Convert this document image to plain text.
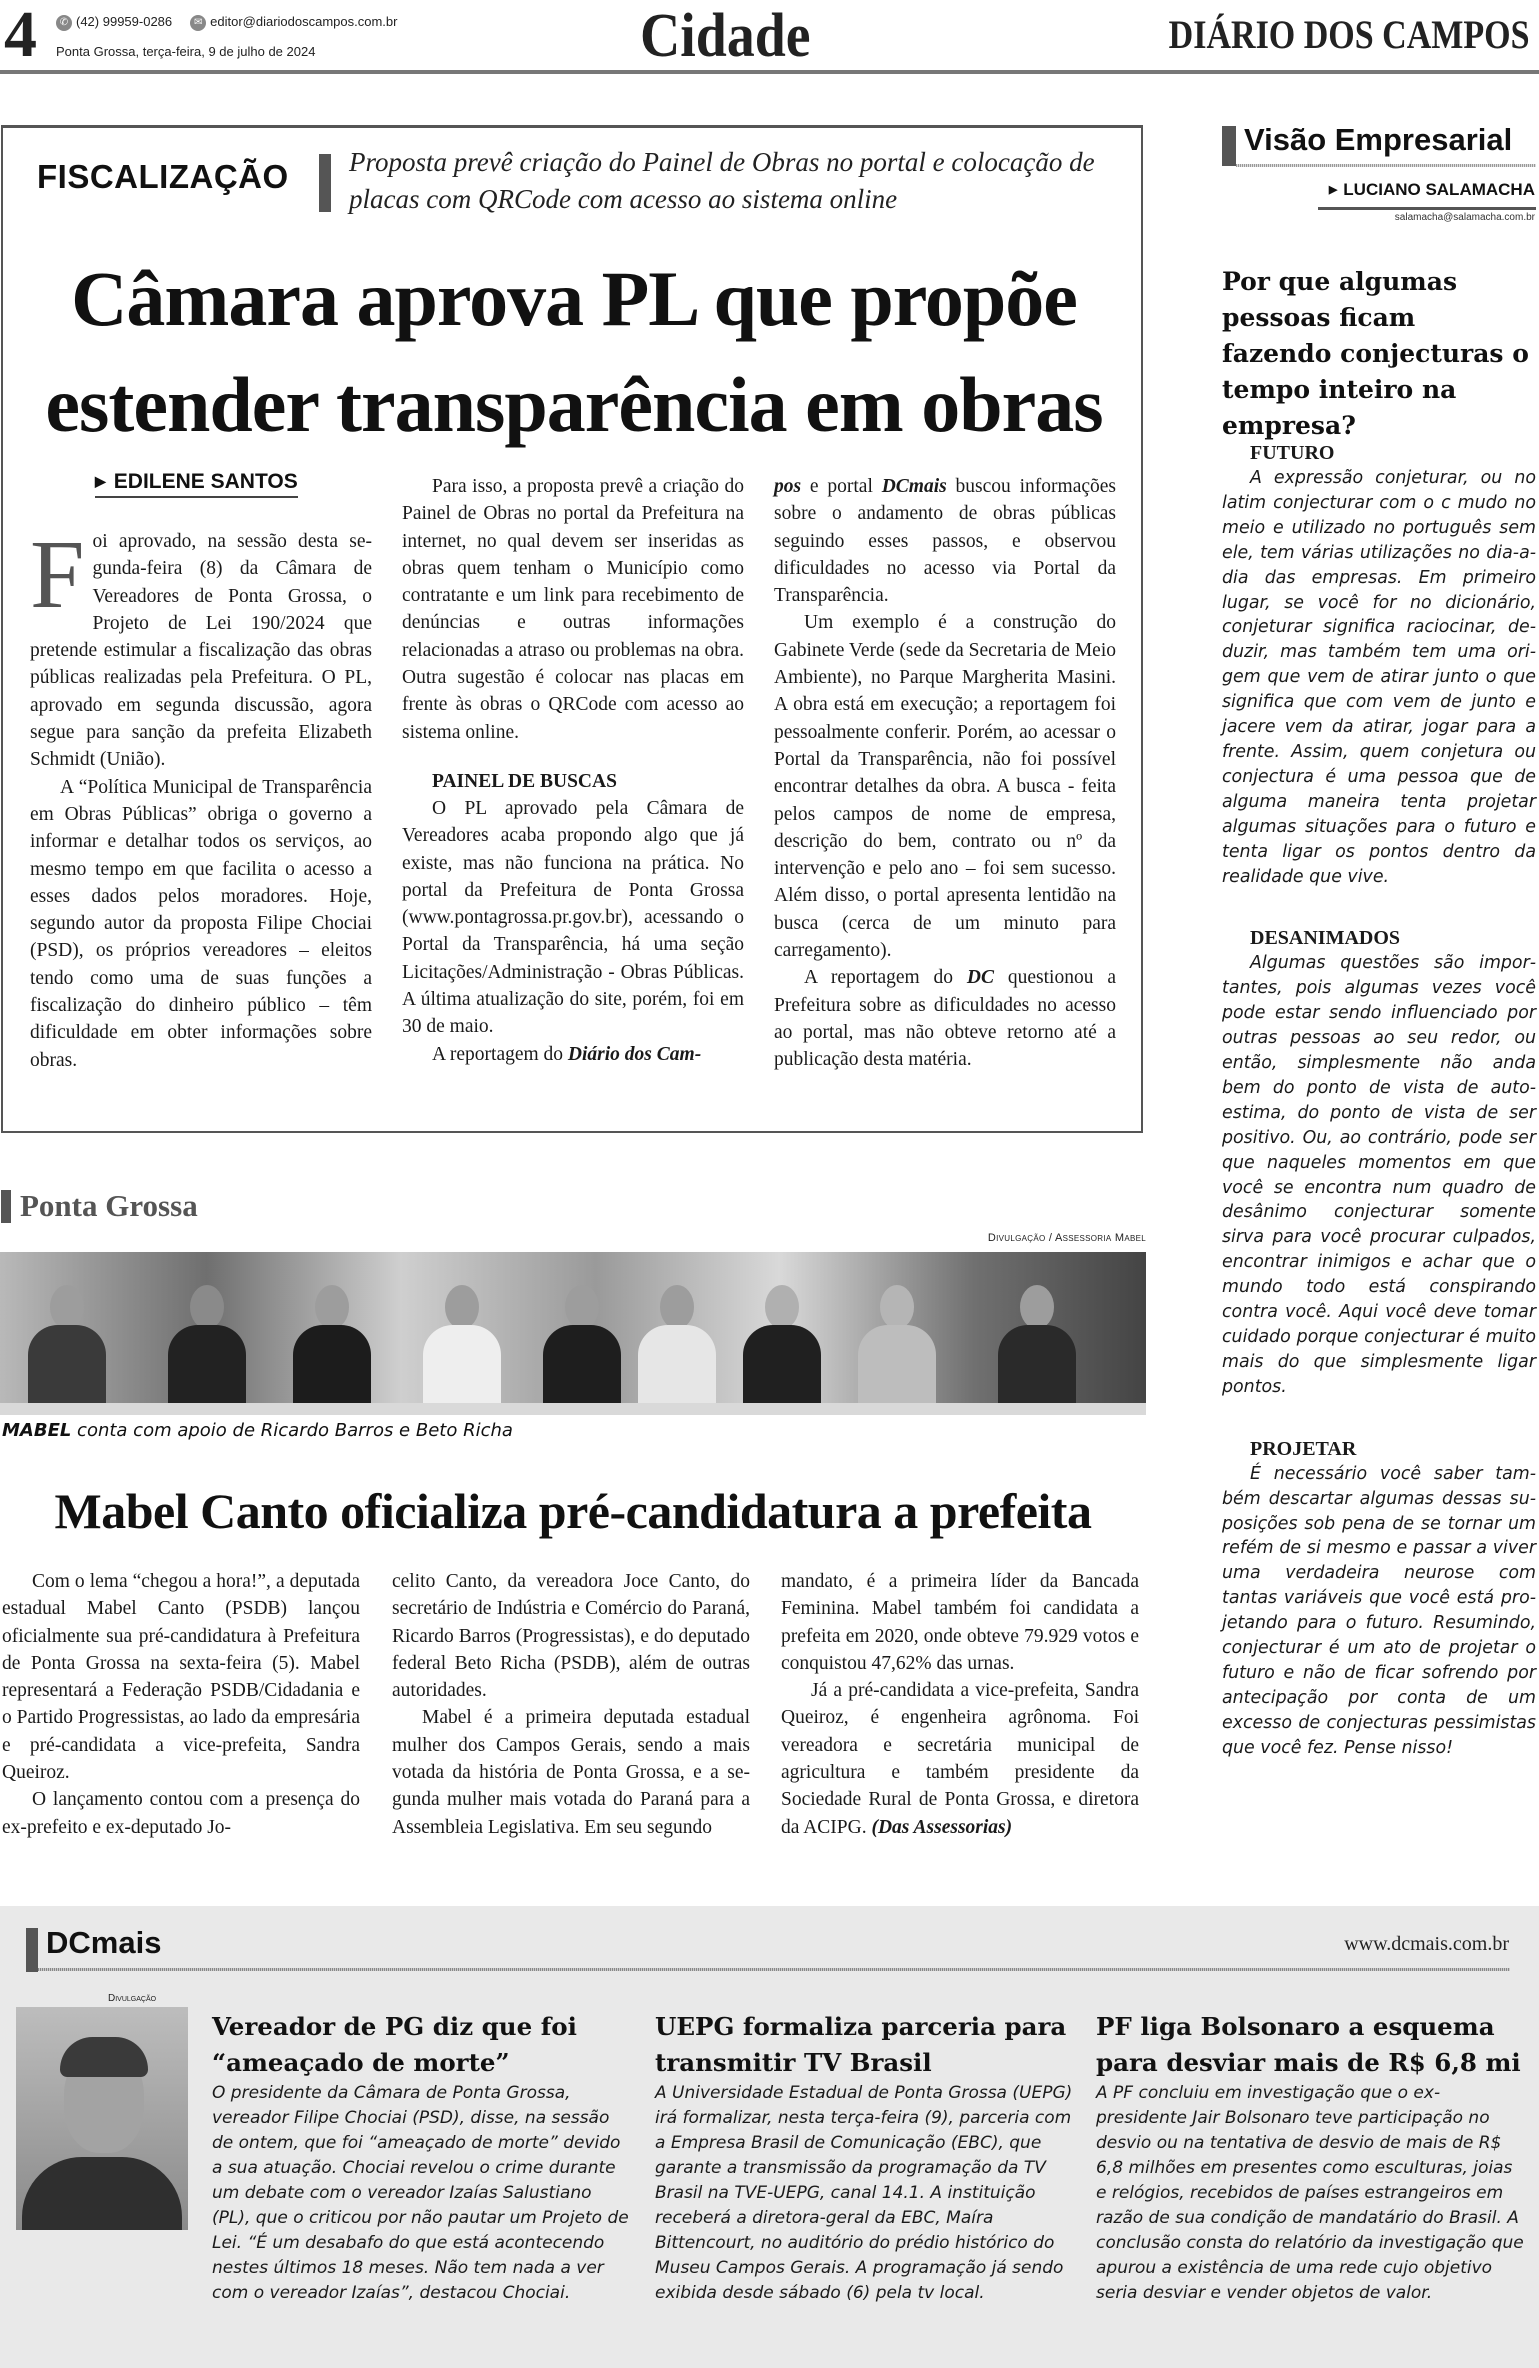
4	✆ (42) 99959-0286	✉ editor@diariodoscampos.com.br
Ponta Grossa, terça-feira, 9 de julho de 2024	Cidade	DIÁRIO DOS CAMPOS
FISCALIZAÇÃO Proposta prevê criação do Painel de Obras no portal e colocação de placas com QRCode com acesso ao sistema online
Câmara aprova PL que propõe
estender transparência em obras
▶ EDILENE SANTOS

Foi aprovado, na sessão desta segunda-feira (8) da Câmara de Vereadores de Ponta Grossa, o Projeto de Lei 190/2024 que pretende estimular a fiscalização das obras públicas realizadas pela Prefeitura. O PL, aprovado em segunda discussão, agora segue para sanção da prefeita Elizabeth Schmidt (União).

A “Política Municipal de Transparência em Obras Públicas” obriga o governo a informar e detalhar todos os serviços, ao mesmo tempo em que facilita o acesso a esses dados pelos moradores. Hoje, segundo autor da proposta Filipe Chociai (PSD), os próprios vereadores – eleitos tendo como uma de suas funções a fiscalização do dinheiro público – têm dificuldade em obter informações sobre obras.

Para isso, a proposta prevê a criação do Painel de Obras no portal da Prefeitura na internet, no qual devem ser inseridas as obras quem tenham o Município como contratante e um link para recebimento de denúncias e outras informações relacionadas a atraso ou problemas na obra. Outra sugestão é colocar nas placas em frente às obras o QRCode com acesso ao sistema online.

PAINEL DE BUSCAS

O PL aprovado pela Câmara de Vereadores acaba propondo algo que já existe, mas não funciona na prática. No portal da Prefeitura de Ponta Grossa (www.pontagrossa.pr.gov.br), acessando o Portal da Transparência, há uma seção Licitações/Administração - Obras Públicas. A última atualização do site, porém, foi em 30 de maio.

A reportagem do Diário dos Cam-

pos e portal DCmais buscou informações sobre o andamento de obras públicas seguindo esses passos, e observou dificuldades no acesso via Portal da Transparência.

Um exemplo é a construção do Gabinete Verde (sede da Secretaria de Meio Ambiente), no Parque Margherita Masini. A obra está em execução; a reportagem foi pessoalmente conferir. Porém, ao acessar o Portal da Transparência, não foi possível encontrar detalhes da obra. A busca - feita pelos campos de nome de empresa, descrição do bem, contrato ou nº da intervenção e pelo ano – foi sem sucesso. Além disso, o portal apresenta lentidão na busca (cerca de um minuto para carregamento).

A reportagem do DC questionou a Prefeitura sobre as dificuldades no acesso ao portal, mas não obteve retorno até a publicação desta matéria.

Visão Empresarial
▶ LUCIANO SALAMACHA
salamacha@salamacha.com.br
Por que algumas pessoas ficam fazendo conjecturas o tempo inteiro na empresa?
FUTURO

A expressão conjeturar, ou no latim conjecturar com o c mudo no meio e utilizado no português sem ele, tem várias utilizações no dia-a-dia das empresas. Em primeiro lugar, se você for no dicionário, conjeturar significa raciocinar, deduzir, mas também tem uma origem que vem de atirar junto o que significa que com vem de junto e jacere vem da atirar, jogar para a frente. Assim, quem conjetura ou conjectura é uma pessoa que de alguma maneira tenta projetar algumas situações para o futuro e tenta ligar os pontos dentro da realidade que vive.

DESANIMADOS

Algumas questões são importantes, pois algumas vezes você pode estar sendo influenciado por outras pessoas ao seu redor, ou então, simplesmente não anda bem do ponto de vista de autoestima, do ponto de vista de ser positivo. Ou, ao contrário, pode ser que naqueles momentos em que você se encontra num quadro de desânimo conjecturar somente sirva para você procurar culpados, encontrar inimigos e achar que o mundo todo está conspirando contra você. Aqui você deve tomar cuidado porque conjecturar é muito mais do que simplesmente ligar pontos.

PROJETAR

É necessário você saber também descartar algumas dessas suposições sob pena de se tornar um refém de si mesmo e passar a viver uma verdadeira neurose com tantas variáveis que você está projetando para o futuro. Resumindo, conjecturar é um ato de projetar o futuro e não de ficar sofrendo por antecipação por conta de um excesso de conjecturas pessimistas que você fez. Pense nisso!

Ponta Grossa
Divulgação / Assessoria Mabel
MABEL conta com apoio de Ricardo Barros e Beto Richa
Mabel Canto oficializa pré-candidatura a prefeita

Com o lema “chegou a hora!”, a deputada estadual Mabel Canto (PSDB) lançou oficialmente sua pré-candidatura à Prefeitura de Ponta Grossa na sexta-feira (5). Mabel representará a Federação PSDB/Cidadania e o Partido Progressistas, ao lado da empresária e pré-candidata a vice-prefeita, Sandra Queiroz.

O lançamento contou com a presença do ex-prefeito e ex-deputado Jo-

celito Canto, da vereadora Joce Canto, do secretário de Indústria e Comércio do Paraná, Ricardo Barros (Progressistas), e do deputado federal Beto Richa (PSDB), além de outras autoridades.

Mabel é a primeira deputada estadual mulher dos Campos Gerais, sendo a mais votada da história de Ponta Grossa, e a segunda mulher mais votada do Paraná para a Assembleia Legislativa. Em seu segundo

mandato, é a primeira líder da Bancada Feminina. Mabel também foi candidata a prefeita em 2020, onde obteve 79.929 votos e conquistou 47,62% das urnas.

Já a pré-candidata a vice-prefeita, Sandra Queiroz, é engenheira agrônoma. Foi vereadora e secretária municipal de agricultura e também presidente da Sociedade Rural de Ponta Grossa, e diretora da ACIPG. (Das Assessorias)

DCmais	www.dcmais.com.br
Divulgação
Vereador de PG diz que foi “ameaçado de morte”

O presidente da Câmara de Ponta Grossa, vereador Filipe Chociai (PSD), disse, na sessão de ontem, que foi “ameaçado de morte” devido a sua atuação. Chociai revelou o crime durante um debate com o vereador Izaías Salustiano (PL), que o criticou por não pautar um Projeto de Lei. “É um desabafo do que está acontecendo nestes últimos 18 meses. Não tem nada a ver com o vereador Izaías”, destacou Chociai.

UEPG formaliza parceria para transmitir TV Brasil

A Universidade Estadual de Ponta Grossa (UEPG) irá formalizar, nesta terça-feira (9), parceria com a Empresa Brasil de Comunicação (EBC), que garante a transmissão da programação da TV Brasil na TVE-UEPG, canal 14.1. A instituição receberá a diretora-geral da EBC, Maíra Bittencourt, no auditório do prédio histórico do Museu Campos Gerais. A programação já sendo exibida desde sábado (6) pela tv local.

PF liga Bolsonaro a esquema para desviar mais de R$ 6,8 mi

A PF concluiu em investigação que o ex-presidente Jair Bolsonaro teve participação no desvio ou na tentativa de desvio de mais de R$ 6,8 milhões em presentes como esculturas, joias e relógios, recebidos de países estrangeiros em razão de sua condição de mandatário do Brasil. A conclusão consta do relatório da investigação que apurou a existência de uma rede cujo objetivo seria desviar e vender objetos de valor.
